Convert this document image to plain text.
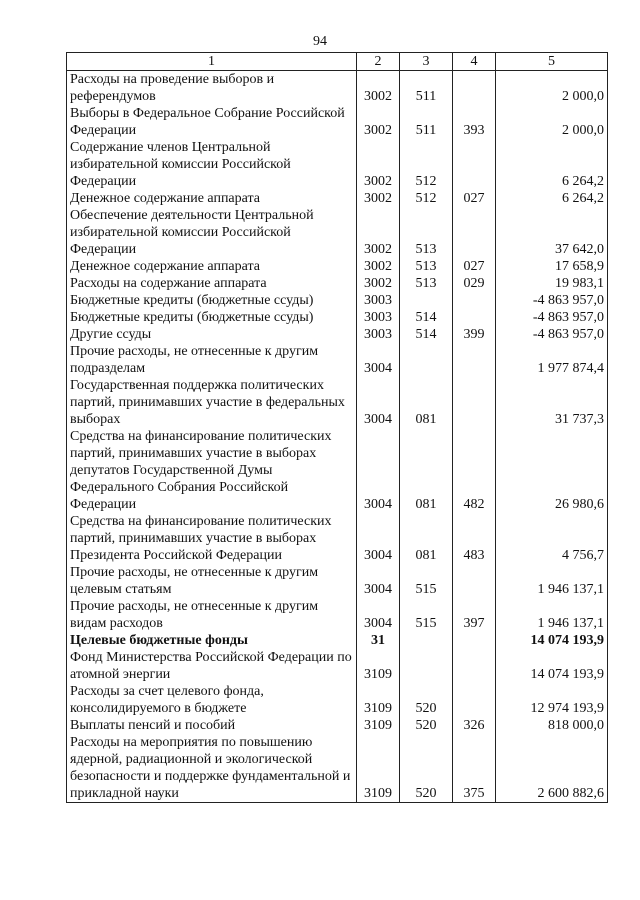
94
1	2	3	4	5
Расходы на проведение выборов и референдумов	3002	511		2 000,0
Выборы в Федеральное Собрание Российской Федерации	3002	511	393	2 000,0
Содержание членов Центральной избирательной комиссии Российской Федерации	3002	512		6 264,2
Денежное содержание аппарата	3002	512	027	6 264,2
Обеспечение деятельности Центральной избирательной комиссии Российской Федерации	3002	513		37 642,0
Денежное содержание аппарата	3002	513	027	17 658,9
Расходы на содержание аппарата	3002	513	029	19 983,1
Бюджетные кредиты (бюджетные ссуды)	3003			-4 863 957,0
Бюджетные кредиты (бюджетные ссуды)	3003	514		-4 863 957,0
Другие ссуды	3003	514	399	-4 863 957,0
Прочие расходы, не отнесенные к другим подразделам	3004			1 977 874,4
Государственная поддержка политических партий, принимавших участие в федеральных выборах	3004	081		31 737,3
Средства на финансирование политических партий, принимавших участие в выборах депутатов Государственной Думы Федерального Собрания Российской Федерации	3004	081	482	26 980,6
Средства на финансирование политических партий, принимавших участие в выборах Президента Российской Федерации	3004	081	483	4 756,7
Прочие расходы, не отнесенные к другим целевым статьям	3004	515		1 946 137,1
Прочие расходы, не отнесенные к другим видам расходов	3004	515	397	1 946 137,1
Целевые бюджетные фонды	31			14 074 193,9
Фонд Министерства Российской Федерации по атомной энергии	3109			14 074 193,9
Расходы за счет целевого фонда, консолидируемого в бюджете	3109	520		12 974 193,9
Выплаты пенсий и пособий	3109	520	326	818 000,0
Расходы на мероприятия по повышению ядерной, радиационной и экологической безопасности и поддержке фундаментальной и прикладной науки	3109	520	375	2 600 882,6
